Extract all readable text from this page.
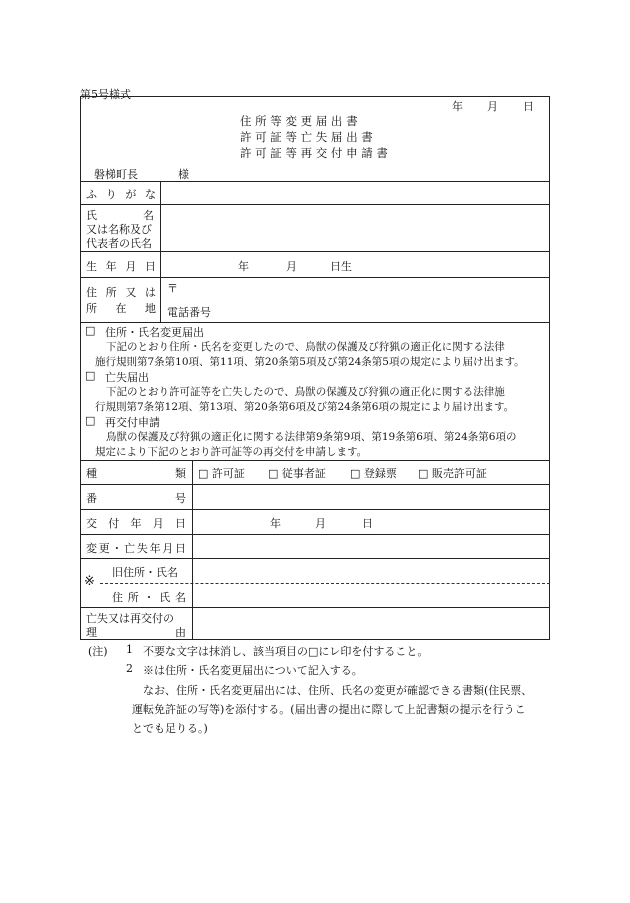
第5号様式
年 月 日
住 所 等 変 更 届 出 書
許 可 証 等 亡 失 届 出 書
許 可 証 等 再 交 付 申 請 書
磐梯町長	様
ふ り が な
氏	名
又は名称及び
代表者の氏名
生 年 月 日	年	月	日生
住 所 又 は
所 在 地
〒
電話番号
□ 住所・氏名変更届出
下記のとおり住所・氏名を変更したので、鳥獣の保護及び狩猟の適正化に関する法律
施行規則第7条第10項、第11項、第20条第5項及び第24条第5項の規定により届け出ます。
□ 亡失届出
下記のとおり許可証等を亡失したので、鳥獣の保護及び狩猟の適正化に関する法律施
行規則第7条第12項、第13項、第20条第6項及び第24条第6項の規定により届け出ます。
□ 再交付申請
鳥獣の保護及び狩猟の適正化に関する法律第9条第9項、第19条第6項、第24条第6項の
規定により下記のとおり許可証等の再交付を申請します。
種 類 □ 許可証 □ 従事者証 □ 登録票 □ 販売許可証
番 号
交 付 年 月 日	年	月	日
変更・亡失年月日
※
旧住所・氏名
住 所 ・ 氏 名
亡失又は再交付の
理 由
(注) 1 不要な文字は抹消し、該当項目の□にレ印を付すること。
2 ※は住所・氏名変更届出について記入する。
なお、住所・氏名変更届出には、住所、氏名の変更が確認できる書類(住民票、
運転免許証の写等)を添付する。(届出書の提出に際して上記書類の提示を行うこ
とでも足りる。)
